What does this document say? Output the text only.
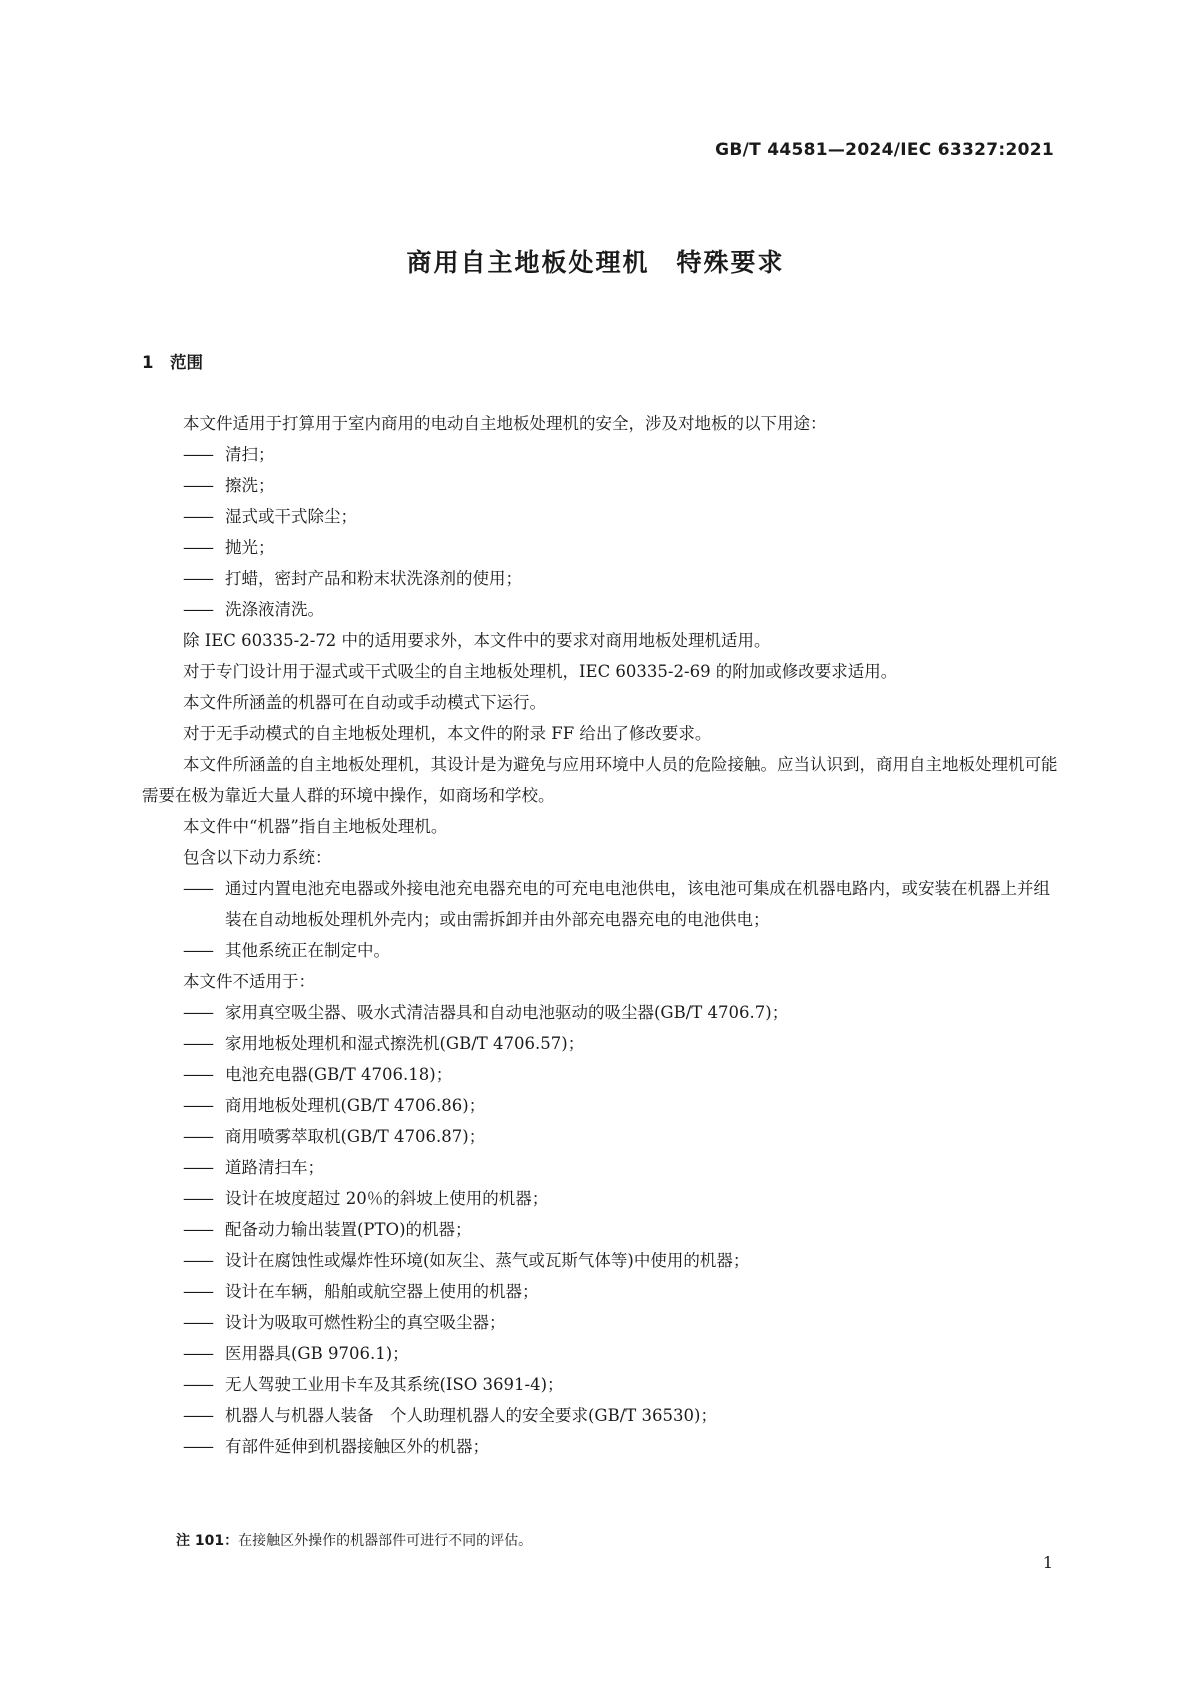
GB/T 44581—2024/IEC 63327:2021
商用自主地板处理机　特殊要求
1　范围

本文件适用于打算用于室内商用的电动自主地板处理机的安全，涉及对地板的以下用途：

—— 清扫；

—— 擦洗；

—— 湿式或干式除尘；

—— 抛光；

—— 打蜡，密封产品和粉末状洗涤剂的使用；

—— 洗涤液清洗。

除 IEC 60335-2-72 中的适用要求外，本文件中的要求对商用地板处理机适用。

对于专门设计用于湿式或干式吸尘的自主地板处理机，IEC 60335-2-69 的附加或修改要求适用。

本文件所涵盖的机器可在自动或手动模式下运行。

对于无手动模式的自主地板处理机，本文件的附录 FF 给出了修改要求。

本文件所涵盖的自主地板处理机，其设计是为避免与应用环境中人员的危险接触。应当认识到，商用自主地板处理机可能需要在极为靠近大量人群的环境中操作，如商场和学校。

本文件中“机器”指自主地板处理机。

包含以下动力系统：

—— 通过内置电池充电器或外接电池充电器充电的可充电电池供电，该电池可集成在机器电路内，或安装在机器上并组装在自动地板处理机外壳内；或由需拆卸并由外部充电器充电的电池供电；

—— 其他系统正在制定中。

本文件不适用于：

—— 家用真空吸尘器、吸水式清洁器具和自动电池驱动的吸尘器(GB/T 4706.7)；

—— 家用地板处理机和湿式擦洗机(GB/T 4706.57)；

—— 电池充电器(GB/T 4706.18)；

—— 商用地板处理机(GB/T 4706.86)；

—— 商用喷雾萃取机(GB/T 4706.87)；

—— 道路清扫车；

—— 设计在坡度超过 20％的斜坡上使用的机器；

—— 配备动力输出装置(PTO)的机器；

—— 设计在腐蚀性或爆炸性环境(如灰尘、蒸气或瓦斯气体等)中使用的机器；

—— 设计在车辆，船舶或航空器上使用的机器；

—— 设计为吸取可燃性粉尘的真空吸尘器；

—— 医用器具(GB 9706.1)；

—— 无人驾驶工业用卡车及其系统(ISO 3691-4)；

—— 机器人与机器人装备　个人助理机器人的安全要求(GB/T 36530)；

—— 有部件延伸到机器接触区外的机器；

注 101：在接触区外操作的机器部件可进行不同的评估。
1
